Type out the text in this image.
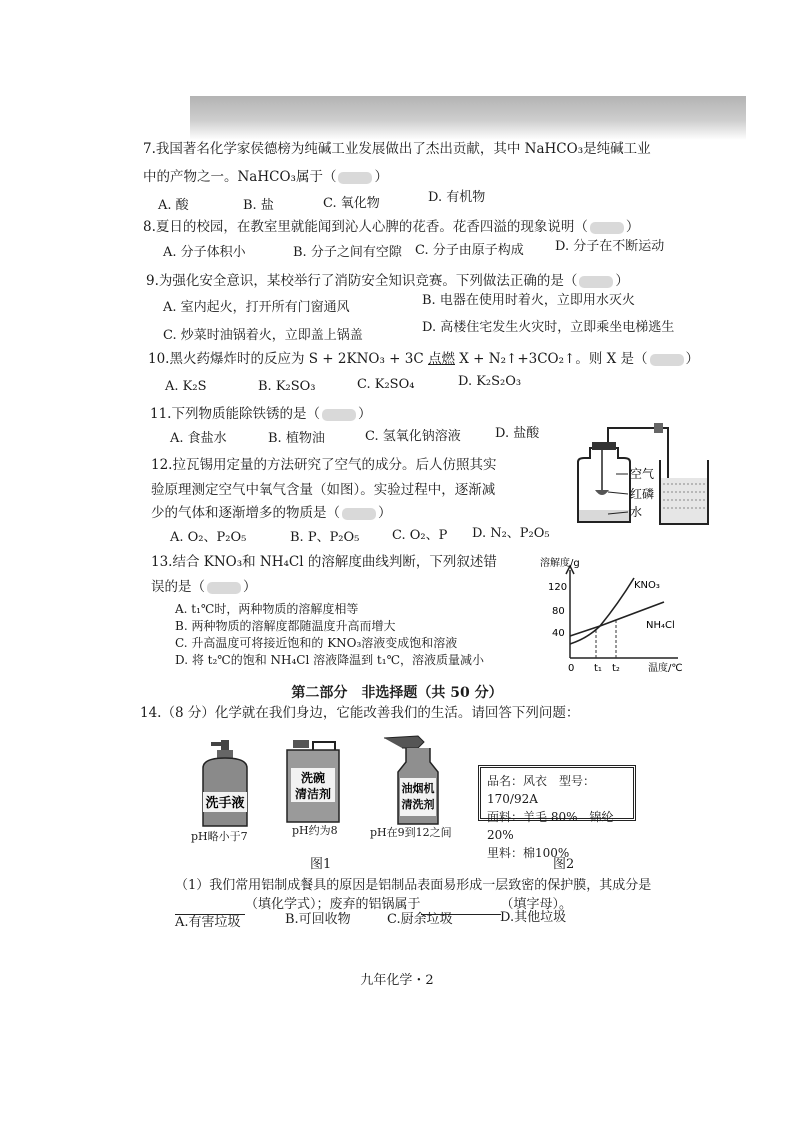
7.我国著名化学家侯德榜为纯碱工业发展做出了杰出贡献，其中 NaHCO₃是纯碱工业
中的产物之一。NaHCO₃属于（	）
A. 酸	B. 盐	C. 氧化物	D. 有机物
8.夏日的校园，在教室里就能闻到沁人心脾的花香。花香四溢的现象说明（	）
A. 分子体积小	B. 分子之间有空隙 C. 分子由原子构成 D. 分子在不断运动
9.为强化安全意识，某校举行了消防安全知识竞赛。下列做法正确的是（	）
A. 室内起火，打开所有门窗通风	B. 电器在使用时着火，立即用水灭火
C. 炒菜时油锅着火，立即盖上锅盖
D. 高楼住宅发生火灾时，立即乘坐电梯逃生
10.黑火药爆炸时的反应为 S + 2KNO₃ + 3C 点燃 X + N₂↑+3CO₂↑。则 X 是（	）
A. K₂S	B. K₂SO₃	C. K₂SO₄	D. K₂S₂O₃
11.下列物质能除铁锈的是（	）
A. 食盐水	B. 植物油	C. 氢氧化钠溶液	D. 盐酸
12.拉瓦锡用定量的方法研究了空气的成分。后人仿照其实
验原理测定空气中氧气含量（如图）。实验过程中，逐渐减
少的气体和逐渐增多的物质是（	）
A. O₂、P₂O₅	B. P、P₂O₅	C. O₂、P D. N₂、P₂O₅
空气
红磷
水
13.结合 KNO₃和 NH₄Cl 的溶解度曲线判断，下列叙述错
误的是（	）
A. t₁℃时，两种物质的溶解度相等
B. 两种物质的溶解度都随温度升高而增大
C. 升高温度可将接近饱和的 KNO₃溶液变成饱和溶液
D. 将 t₂℃的饱和 NH₄Cl 溶液降温到 t₁℃，溶液质量减小
溶解度/g
120
80
40
0 t₁ t₂	温度/℃
KNO₃
NH₄Cl
第二部分　非选择题（共 50 分）
14.（8 分）化学就在我们身边，它能改善我们的生活。请回答下列问题：
洗手液
pH略小于7
洗碗
清洁剂
pH约为8
油烟机
清洗剂
pH在9到12之间
品名：风衣　型号：170/92A
面料：羊毛 80%　锦纶 20%
里料：棉100%
图1	图2
（1）我们常用铝制成餐具的原因是铝制品表面易形成一层致密的保护膜，其成分是
（填化学式）；废弃的铝锅属于	（填字母）。
A.有害垃圾	B.可回收物	C.厨余垃圾	D.其他垃圾
九年化学・2
